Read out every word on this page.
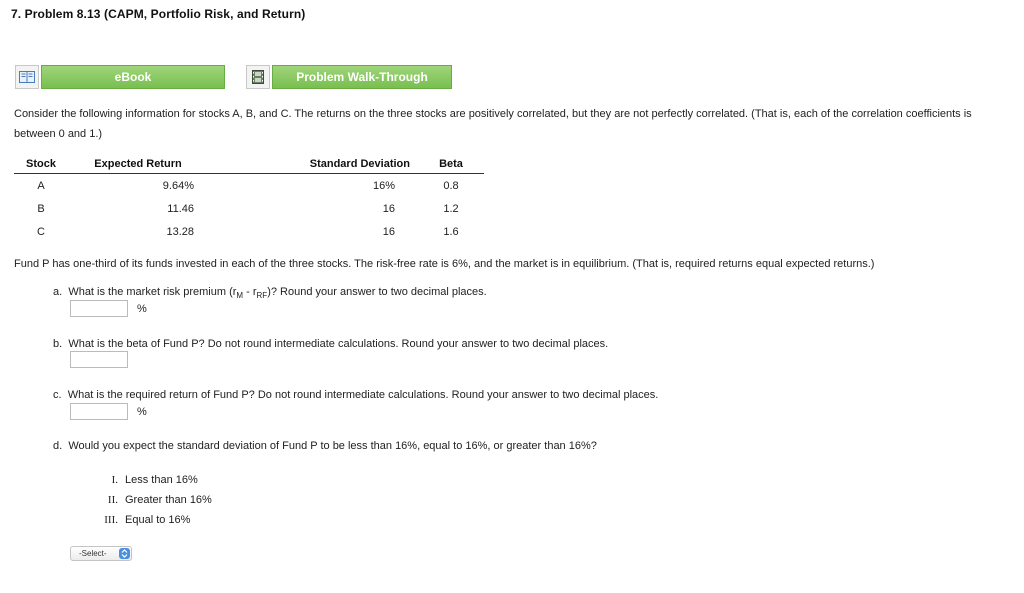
7. Problem 8.13 (CAPM, Portfolio Risk, and Return)
eBook	Problem Walk-Through
Consider the following information for stocks A, B, and C. The returns on the three stocks are positively correlated, but they are not perfectly correlated. (That is, each of the correlation coefficients is between 0 and 1.)
Stock	Expected Return	Standard Deviation	Beta
A	9.64%	16%	0.8
B	11.46	16	1.2
C	13.28	16	1.6
Fund P has one-third of its funds invested in each of the three stocks. The risk-free rate is 6%, and the market is in equilibrium. (That is, required returns equal expected returns.)
a. What is the market risk premium $(r_M - r_{RF})$? Round your answer to two decimal places.
%
b. What is the beta of Fund P? Do not round intermediate calculations. Round your answer to two decimal places.
c. What is the required return of Fund P? Do not round intermediate calculations. Round your answer to two decimal places.
%
d. Would you expect the standard deviation of Fund P to be less than 16%, equal to 16%, or greater than 16%?
I. Less than 16%
II. Greater than 16%
III. Equal to 16%
-Select-
